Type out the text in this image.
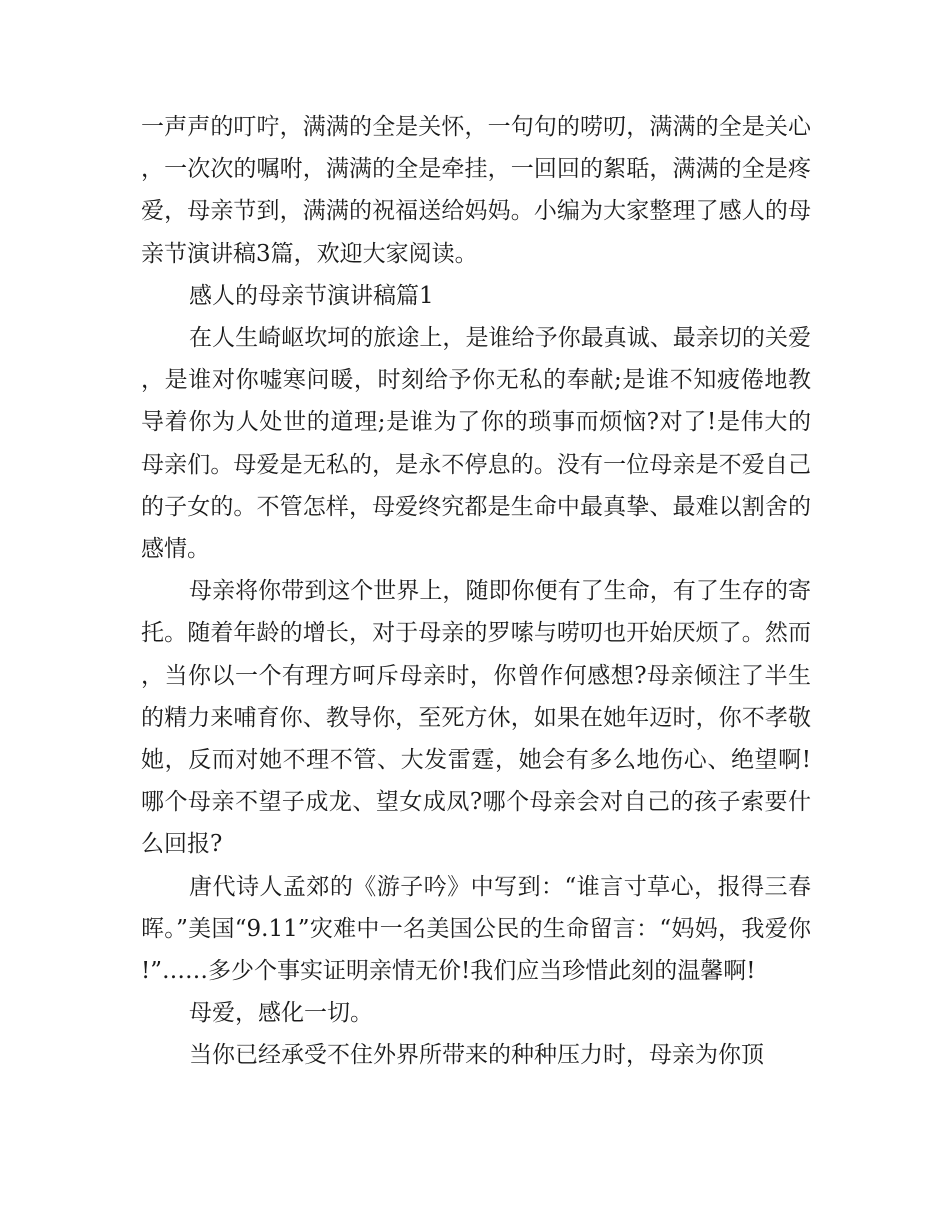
一声声的叮咛，满满的全是关怀，一句句的唠叨，满满的全是关心，一次次的嘱咐，满满的全是牵挂，一回回的絮聒，满满的全是疼爱，母亲节到，满满的祝福送给妈妈。小编为大家整理了感人的母亲节演讲稿3篇，欢迎大家阅读。

感人的母亲节演讲稿篇1

在人生崎岖坎坷的旅途上，是谁给予你最真诚、最亲切的关爱，是谁对你嘘寒问暖，时刻给予你无私的奉献;是谁不知疲倦地教导着你为人处世的道理;是谁为了你的琐事而烦恼?对了!是伟大的母亲们。母爱是无私的，是永不停息的。没有一位母亲是不爱自己的子女的。不管怎样，母爱终究都是生命中最真挚、最难以割舍的感情。

母亲将你带到这个世界上，随即你便有了生命，有了生存的寄托。随着年龄的增长，对于母亲的罗嗦与唠叨也开始厌烦了。然而，当你以一个有理方呵斥母亲时，你曾作何感想?母亲倾注了半生的精力来哺育你、教导你，至死方休，如果在她年迈时，你不孝敬她，反而对她不理不管、大发雷霆，她会有多么地伤心、绝望啊!哪个母亲不望子成龙、望女成凤?哪个母亲会对自己的孩子索要什么回报?

唐代诗人孟郊的《游子吟》中写到：“谁言寸草心，报得三春晖。”美国“9.11”灾难中一名美国公民的生命留言：“妈妈，我爱你!”……多少个事实证明亲情无价!我们应当珍惜此刻的温馨啊!

母爱，感化一切。

当你已经承受不住外界所带来的种种压力时，母亲为你顶
